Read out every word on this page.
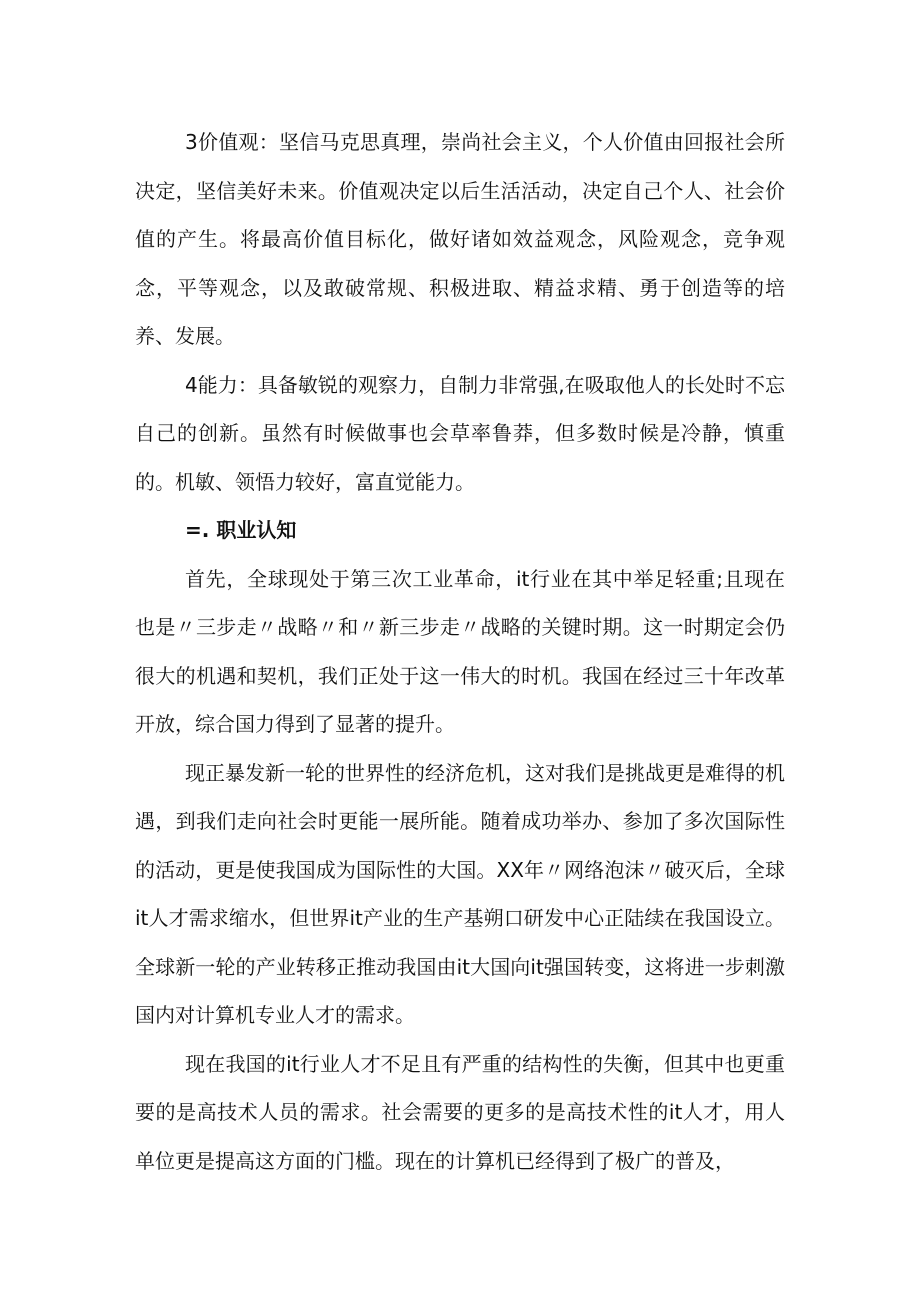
3价值观：坚信马克思真理，崇尚社会主义，个人价值由回报社会所决定，坚信美好未来。价值观决定以后生活活动，决定自己个人、社会价值的产生。将最高价值目标化，做好诸如效益观念，风险观念，竞争观念，平等观念，以及敢破常规、积极进取、精益求精、勇于创造等的培养、发展。

4能力：具备敏锐的观察力，自制力非常强,在吸取他人的长处时不忘自己的创新。虽然有时候做事也会草率鲁莽，但多数时候是冷静，慎重的。机敏、领悟力较好，富直觉能力。

=. 职业认知

首先，全球现处于第三次工业革命，it行业在其中举足轻重;且现在也是〃三步走〃战略〃和〃新三步走〃战略的关键时期。这一时期定会仍很大的机遇和契机，我们正处于这一伟大的时机。我国在经过三十年改革开放，综合国力得到了显著的提升。

现正暴发新一轮的世界性的经济危机，这对我们是挑战更是难得的机遇，到我们走向社会时更能一展所能。随着成功举办、参加了多次国际性的活动，更是使我国成为国际性的大国。XX年〃网络泡沫〃破灭后，全球it人才需求缩水，但世界it产业的生产基朔口研发中心正陆续在我国设立。全球新一轮的产业转移正推动我国由it大国向it强国转变，这将进一步刺激国内对计算机专业人才的需求。

现在我国的it行业人才不足且有严重的结构性的失衡，但其中也更重要的是高技术人员的需求。社会需要的更多的是高技术性的it人才，用人单位更是提高这方面的门槛。现在的计算机已经得到了极广的普及，
